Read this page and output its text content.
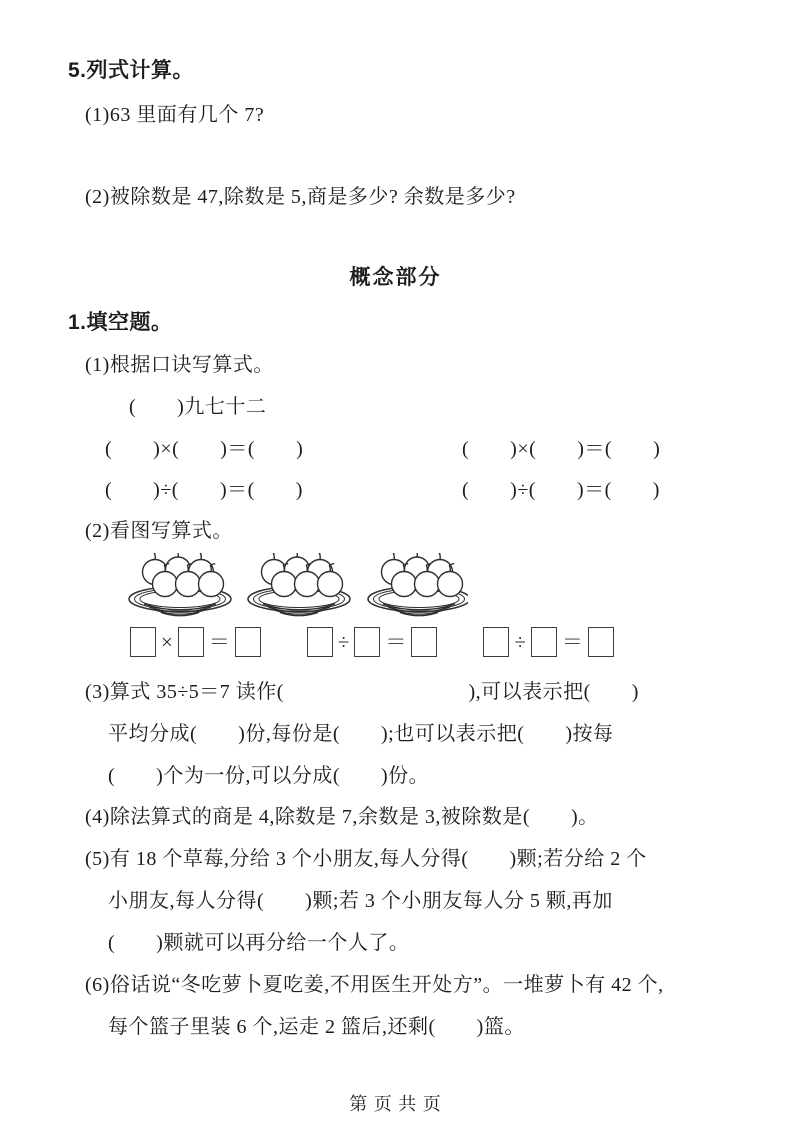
5.列式计算。
(1)63 里面有几个 7?
(2)被除数是 47,除数是 5,商是多少? 余数是多少?
概念部分
1.填空题。
(1)根据口诀写算式。
(　　)九七十二
(　　)×(　　)＝(　　)	(　　)×(　　)＝(　　)
(　　)÷(　　)＝(　　)	(　　)÷(　　)＝(　　)
(2)看图写算式。
× ＝	÷ ＝	÷ ＝
(3)算式 35÷5＝7 读作(　　　　　　　　　),可以表示把(　　)
平均分成(　　)份,每份是(　　);也可以表示把(　　)按每
(　　)个为一份,可以分成(　　)份。
(4)除法算式的商是 4,除数是 7,余数是 3,被除数是(　　)。
(5)有 18 个草莓,分给 3 个小朋友,每人分得(　　)颗;若分给 2 个
小朋友,每人分得(　　)颗;若 3 个小朋友每人分 5 颗,再加
(　　)颗就可以再分给一个人了。
(6)俗话说“冬吃萝卜夏吃姜,不用医生开处方”。一堆萝卜有 42 个,
每个篮子里装 6 个,运走 2 篮后,还剩(　　)篮。
第 页 共 页
